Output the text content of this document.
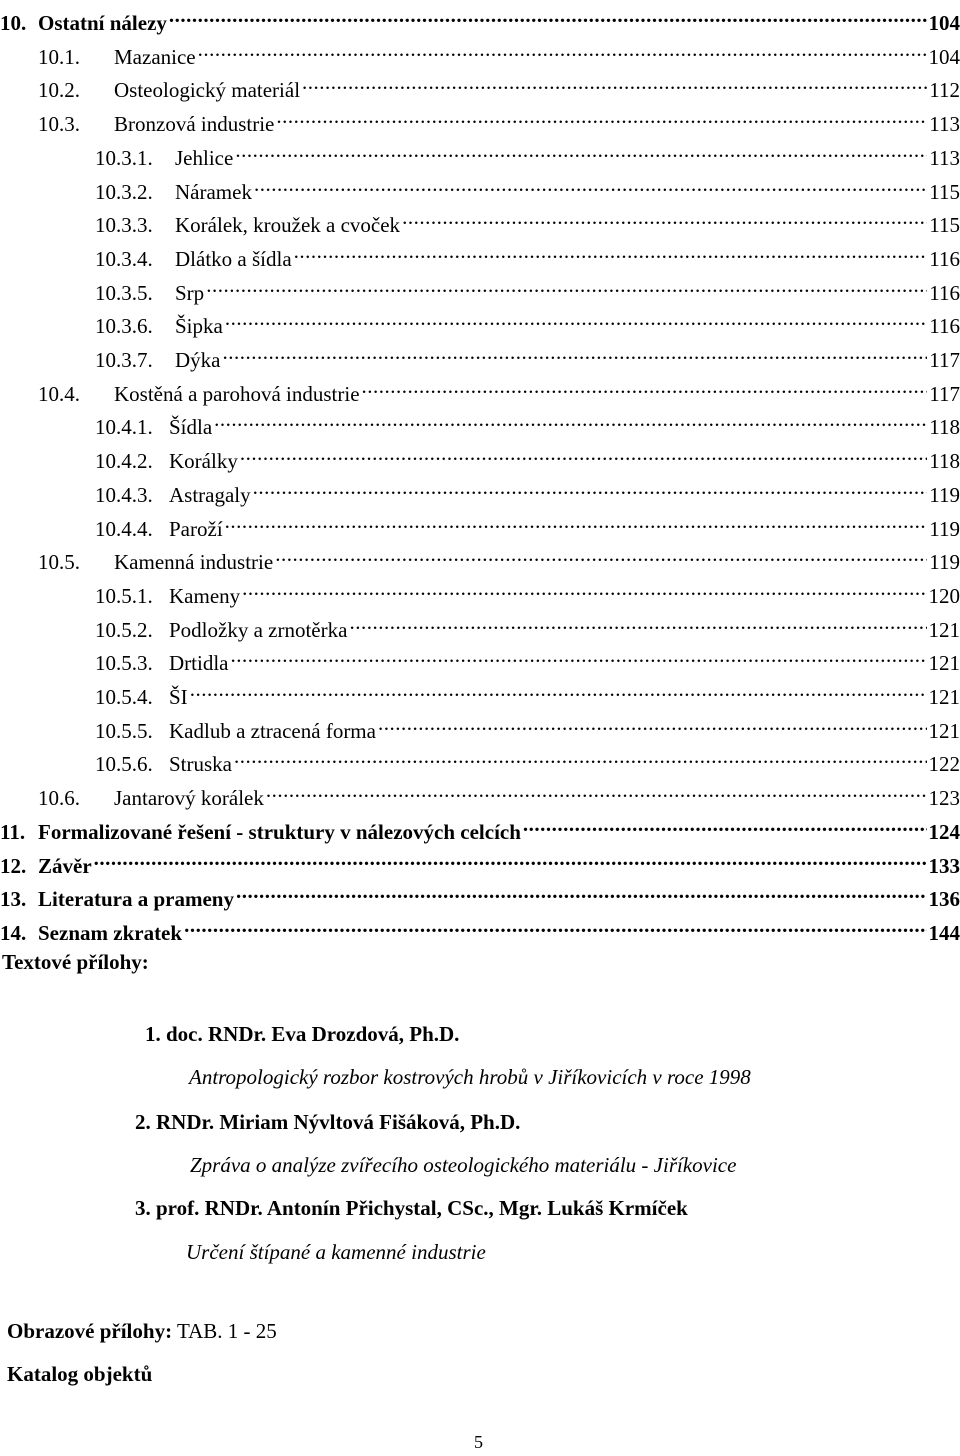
10. Ostatní nálezy .....	104
10.1.	Mazanice .....	104
10.2.	Osteologický materiál .....	112
10.3.	Bronzová industrie .....	113
10.3.1.	Jehlice .....	113
10.3.2.	Náramek .....	115
10.3.3.	Korálek, kroužek a cvoček .....	115
10.3.4.	Dlátko a šídla .....	116
10.3.5.	Srp .....	116
10.3.6.	Šipka .....	116
10.3.7.	Dýka .....	117
10.4.	Kostěná a parohová industrie .....	117
10.4.1. Šídla .....	118
10.4.2. Korálky .....	118
10.4.3. Astragaly .....	119
10.4.4. Paroží .....	119
10.5.	Kamenná industrie .....	119
10.5.1. Kameny .....	120
10.5.2. Podložky a zrnotěrka .....	121
10.5.3. Drtidla .....	121
10.5.4. ŠI .....	121
10.5.5. Kadlub a ztracená forma .....	121
10.5.6. Struska .....	122
10.6.	Jantarový korálek .....	123
11. Formalizované řešení - struktury v nálezových celcích .....	124
12. Závěr .....	133
13. Literatura a prameny .....	136
14. Seznam zkratek .....	144
Textové přílohy:
1. doc. RNDr. Eva Drozdová, Ph.D.
Antropologický rozbor kostrových hrobů v Jiříkovicích v roce 1998
2. RNDr. Miriam Nývltová Fišáková, Ph.D.
Zpráva o analýze zvířecího osteologického materiálu - Jiříkovice
3. prof. RNDr. Antonín Přichystal, CSc., Mgr. Lukáš Krmíček
Určení štípané a kamenné industrie
Obrazové přílohy: TAB. 1 - 25
Katalog objektů
5
